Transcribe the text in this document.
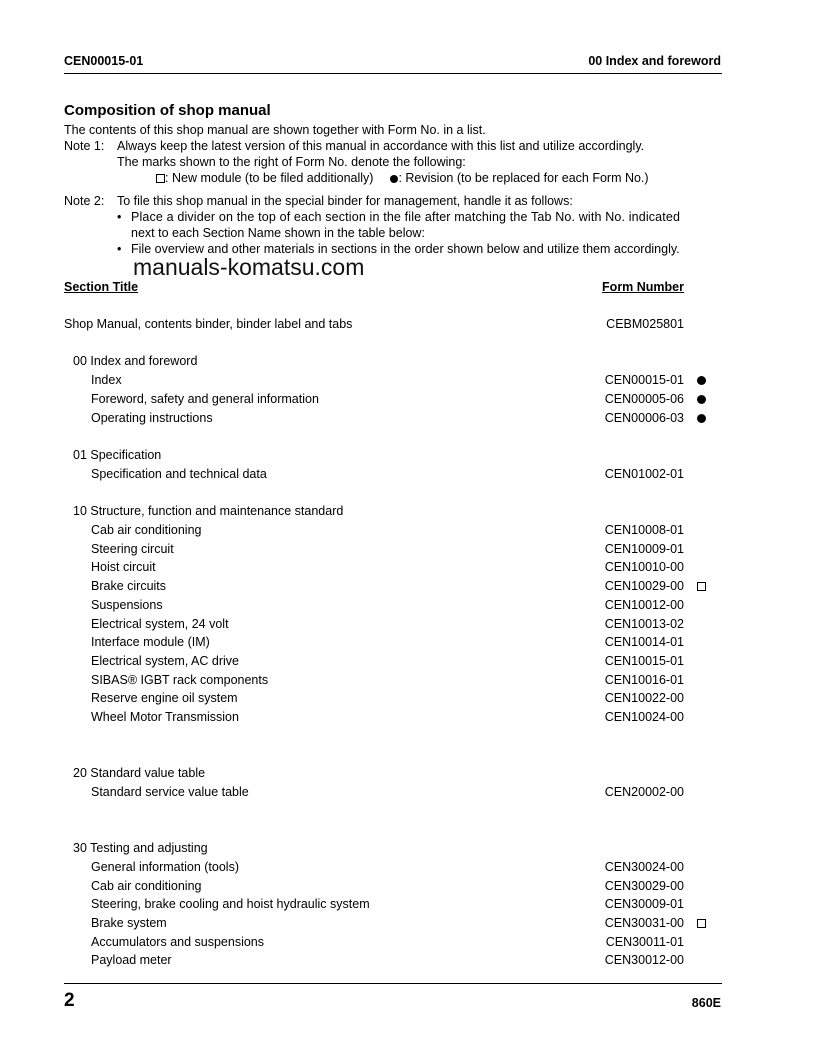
CEN00015-01	00 Index and foreword
Composition of shop manual
The contents of this shop manual are shown together with Form No. in a list.
Note 1: Always keep the latest version of this manual in accordance with this list and utilize accordingly.
The marks shown to the right of Form No. denote the following:
: New module (to be filed additionally) : Revision (to be replaced for each Form No.)
Note 2: To file this shop manual in the special binder for management, handle it as follows:
• Place a divider on the top of each section in the file after matching the Tab No. with No. indicated
next to each Section Name shown in the table below:
• File overview and other materials in sections in the order shown below and utilize them accordingly.
manuals-komatsu.com
Section Title	Form Number
Shop Manual, contents binder, binder label and tabs	CEBM025801
00 Index and foreword
Index	CEN00015-01
Foreword, safety and general information	CEN00005-06
Operating instructions	CEN00006-03
01 Specification
Specification and technical data	CEN01002-01
10 Structure, function and maintenance standard
Cab air conditioning	CEN10008-01
Steering circuit	CEN10009-01
Hoist circuit	CEN10010-00
Brake circuits	CEN10029-00
Suspensions	CEN10012-00
Electrical system, 24 volt	CEN10013-02
Interface module (IM)	CEN10014-01
Electrical system, AC drive	CEN10015-01
SIBAS® IGBT rack components	CEN10016-01
Reserve engine oil system	CEN10022-00
Wheel Motor Transmission	CEN10024-00
20 Standard value table
Standard service value table	CEN20002-00
30 Testing and adjusting
General information (tools)	CEN30024-00
Cab air conditioning	CEN30029-00
Steering, brake cooling and hoist hydraulic system	CEN30009-01
Brake system	CEN30031-00
Accumulators and suspensions	CEN30011-01
Payload meter	CEN30012-00
2	860E
